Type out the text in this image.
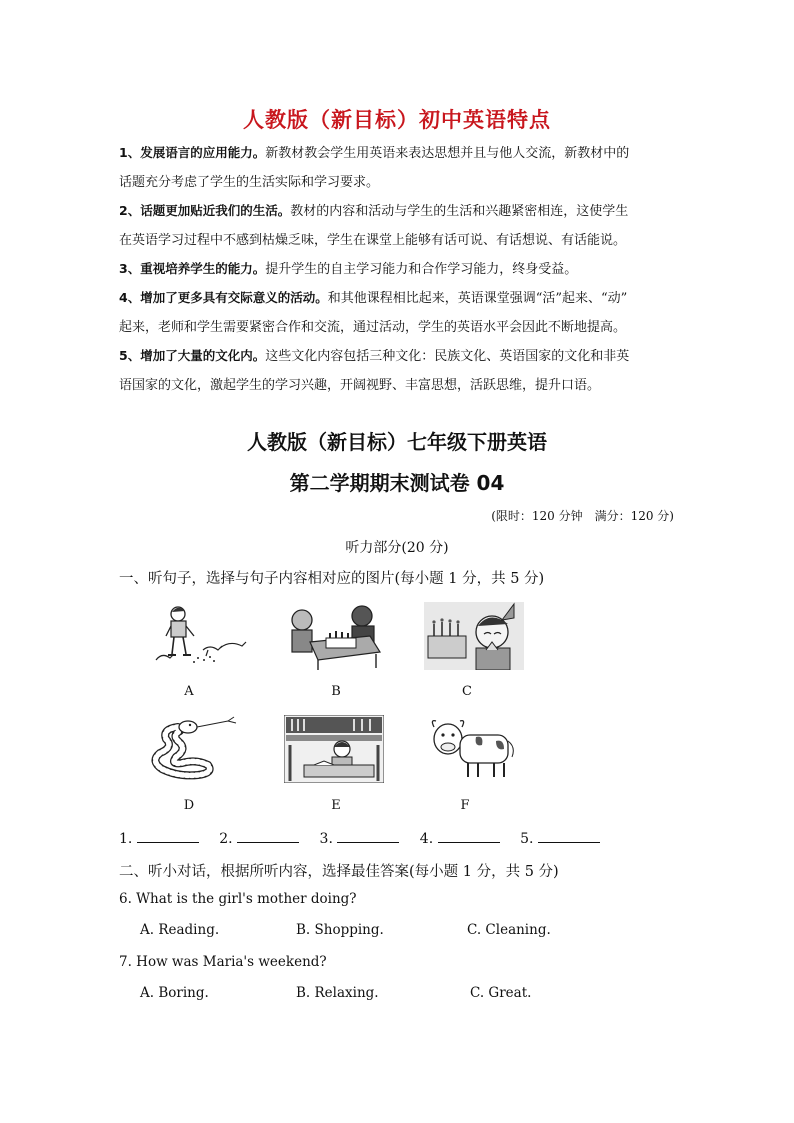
人教版（新目标）初中英语特点
1、发展语言的应用能力。新教材教会学生用英语来表达思想并且与他人交流，新教材中的
话题充分考虑了学生的生活实际和学习要求。
2、话题更加贴近我们的生活。教材的内容和活动与学生的生活和兴趣紧密相连，这使学生
在英语学习过程中不感到枯燥乏味，学生在课堂上能够有话可说、有话想说、有话能说。
3、重视培养学生的能力。提升学生的自主学习能力和合作学习能力，终身受益。
4、增加了更多具有交际意义的活动。和其他课程相比起来，英语课堂强调“活”起来、“动”
起来，老师和学生需要紧密合作和交流，通过活动，学生的英语水平会因此不断地提高。
5、增加了大量的文化内。这些文化内容包括三种文化：民族文化、英语国家的文化和非英
语国家的文化，激起学生的学习兴趣，开阔视野、丰富思想，活跃思维，提升口语。
人教版（新目标）七年级下册英语
第二学期期末测试卷 04
(限时：120 分钟　满分：120 分)
听力部分(20 分)
一、听句子，选择与句子内容相对应的图片(每小题 1 分，共 5 分)
A	B	C
D	E	F
1.	2.	3.	4.	5.
二、听小对话，根据所听内容，选择最佳答案(每小题 1 分，共 5 分)
6. What is the girl's mother doing?
A. Reading.	B. Shopping.	C. Cleaning.
7. How was Maria's weekend?
A. Boring.	B. Relaxing.	C. Great.
